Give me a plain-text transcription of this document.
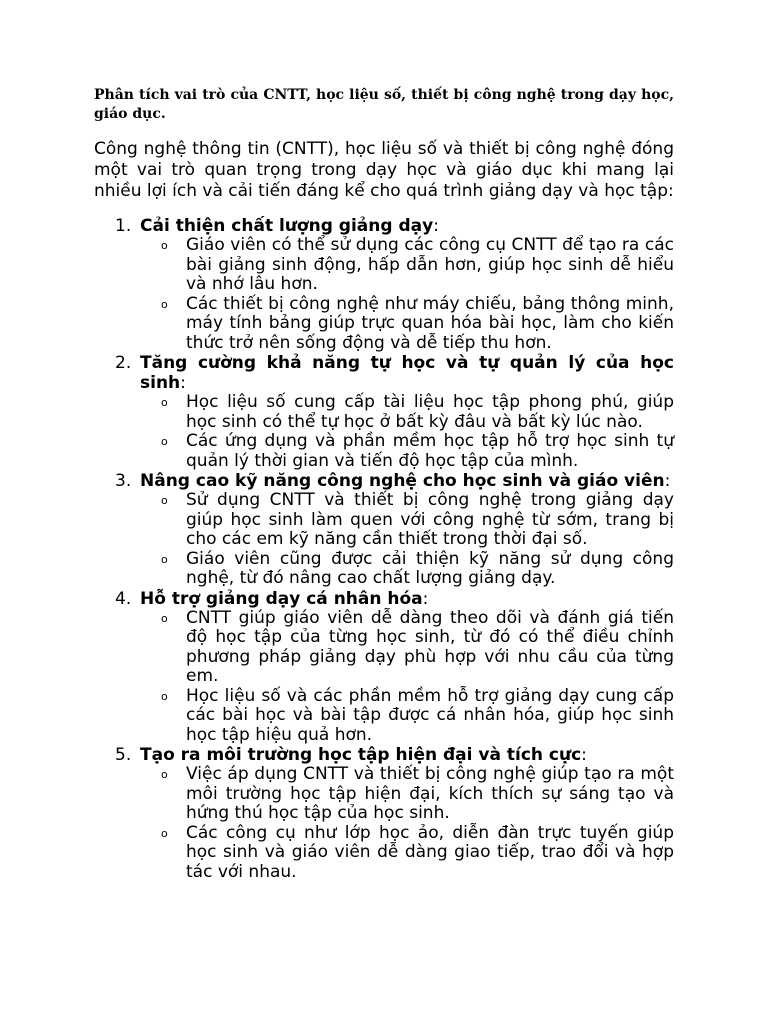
Phân tích vai trò của CNTT, học liệu số, thiết bị công nghệ trong dạy học, giáo dục.

Công nghệ thông tin (CNTT), học liệu số và thiết bị công nghệ đóng một vai trò quan trọng trong dạy học và giáo dục khi mang lại nhiều lợi ích và cải tiến đáng kể cho quá trình giảng dạy và học tập:

1. Cải thiện chất lượng giảng dạy:
o Giáo viên có thể sử dụng các công cụ CNTT để tạo ra các bài giảng sinh động, hấp dẫn hơn, giúp học sinh dễ hiểu và nhớ lâu hơn.
o Các thiết bị công nghệ như máy chiếu, bảng thông minh, máy tính bảng giúp trực quan hóa bài học, làm cho kiến thức trở nên sống động và dễ tiếp thu hơn.
2. Tăng cường khả năng tự học và tự quản lý của học sinh:
o Học liệu số cung cấp tài liệu học tập phong phú, giúp học sinh có thể tự học ở bất kỳ đâu và bất kỳ lúc nào.
o Các ứng dụng và phần mềm học tập hỗ trợ học sinh tự quản lý thời gian và tiến độ học tập của mình.
3. Nâng cao kỹ năng công nghệ cho học sinh và giáo viên:
o Sử dụng CNTT và thiết bị công nghệ trong giảng dạy giúp học sinh làm quen với công nghệ từ sớm, trang bị cho các em kỹ năng cần thiết trong thời đại số.
o Giáo viên cũng được cải thiện kỹ năng sử dụng công nghệ, từ đó nâng cao chất lượng giảng dạy.
4. Hỗ trợ giảng dạy cá nhân hóa:
o CNTT giúp giáo viên dễ dàng theo dõi và đánh giá tiến độ học tập của từng học sinh, từ đó có thể điều chỉnh phương pháp giảng dạy phù hợp với nhu cầu của từng em.
o Học liệu số và các phần mềm hỗ trợ giảng dạy cung cấp các bài học và bài tập được cá nhân hóa, giúp học sinh học tập hiệu quả hơn.
5. Tạo ra môi trường học tập hiện đại và tích cực:
o Việc áp dụng CNTT và thiết bị công nghệ giúp tạo ra một môi trường học tập hiện đại, kích thích sự sáng tạo và hứng thú học tập của học sinh.
o Các công cụ như lớp học ảo, diễn đàn trực tuyến giúp học sinh và giáo viên dễ dàng giao tiếp, trao đổi và hợp tác với nhau.
